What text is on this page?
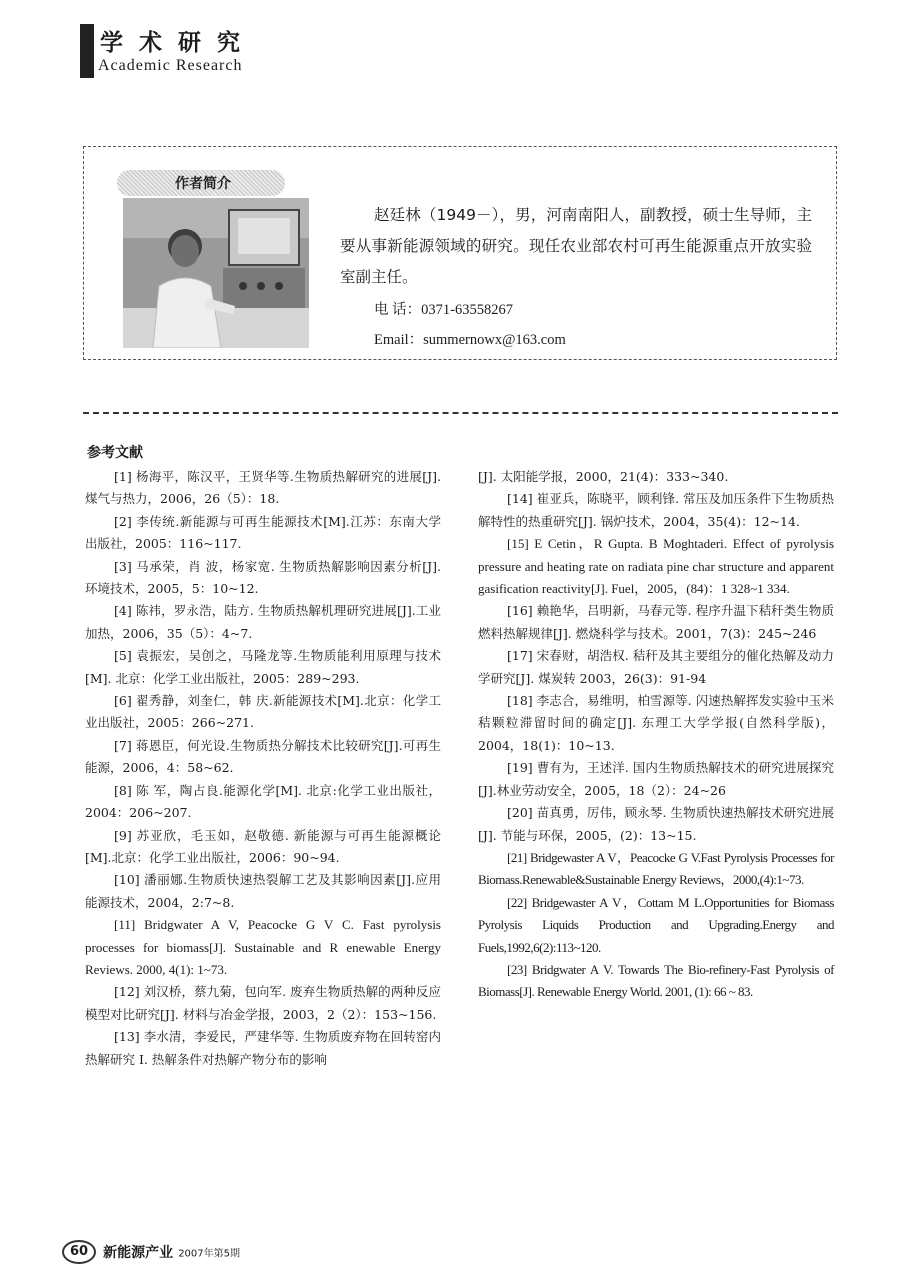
学术研究
Academic Research
作者简介

赵廷林（1949－），男，河南南阳人，副教授，硕士生导师，主要从事新能源领域的研究。现任农业部农村可再生能源重点开放实验室副主任。

电 话：0371-63558267
Email：summernowx@163.com
参考文献

[1] 杨海平，陈汉平，王贤华等.生物质热解研究的进展[J].煤气与热力，2006，26（5）：18.

[2] 李传统.新能源与可再生能源技术[M].江苏：东南大学出版社，2005：116~117.

[3] 马承荣，肖 波，杨家宽. 生物质热解影响因素分析[J].环境技术，2005，5：10~12.

[4] 陈祎，罗永浩，陆方. 生物质热解机理研究进展[J].工业加热，2006，35（5）：4~7.

[5] 袁振宏，吴创之，马隆龙等.生物质能利用原理与技术[M]. 北京：化学工业出版社，2005：289~293.

[6] 翟秀静，刘奎仁，韩 庆.新能源技术[M].北京：化学工业出版社，2005：266~271.

[7] 蒋恩臣，何光设.生物质热分解技术比较研究[J].可再生能源，2006，4：58~62.

[8] 陈 军，陶占良.能源化学[M]. 北京:化学工业出版社，2004：206~207.

[9] 苏亚欣，毛玉如，赵敬德. 新能源与可再生能源概论[M].北京：化学工业出版社，2006：90~94.

[10] 潘丽娜.生物质快速热裂解工艺及其影响因素[J].应用能源技术，2004，2:7~8.

[11] Bridgwater A V, Peacocke G V C. Fast pyrolysis processes for biomass[J]. Sustainable and R enewable Energy Reviews. 2000, 4(1): 1~73.

[12] 刘汉桥，蔡九菊，包向军. 废弃生物质热解的两种反应模型对比研究[J]. 材料与冶金学报，2003，2（2）：153~156.

[13] 李水清，李爱民，严建华等. 生物质废弃物在回转窑内热解研究 I. 热解条件对热解产物分布的影响

[J]. 太阳能学报，2000，21(4)：333~340.

[14] 崔亚兵，陈晓平，顾利锋. 常压及加压条件下生物质热解特性的热重研究[J]. 锅炉技术，2004，35(4)：12~14.

[15] E Cetin，R Gupta. B Moghtaderi. Effect of pyrolysis pressure and heating rate on radiata pine char structure and apparent gasification reactivity[J]. Fuel，2005，(84)：1 328~1 334.

[16] 赖艳华，吕明新，马春元等. 程序升温下秸秆类生物质燃料热解规律[J]. 燃烧科学与技术。2001，7(3)：245~246

[17] 宋春财，胡浩权. 秸秆及其主要组分的催化热解及动力学研究[J]. 煤炭转 2003，26(3)：91-94

[18] 李志合，易维明，柏雪源等. 闪速热解挥发实验中玉米秸颗粒滞留时间的确定[J]. 东理工大学学报(自然科学版)，2004，18(1)：10~13.

[19] 曹有为，王述洋. 国内生物质热解技术的研究进展探究[J].林业劳动安全，2005，18（2）：24~26

[20] 苗真勇，厉伟，顾永琴. 生物质快速热解技术研究进展[J]. 节能与环保，2005，(2)：13~15.

[21] Bridgewaster A V，Peacocke G V.Fast Pyrolysis Processes for Biomass.Renewable&Sustainable Energy Reviews，2000,(4):1~73.

[22] Bridgewaster A V，Cottam M L.Opportunities for Biomass Pyrolysis Liquids Production and Upgrading.Energy and Fuels,1992,6(2):113~120.

[23] Bridgwater A V. Towards The Bio-refinery-Fast Pyrolysis of Biomass[J]. Renewable Energy World. 2001, (1): 66 ~ 83.

60 新能源产业 2007年第5期
